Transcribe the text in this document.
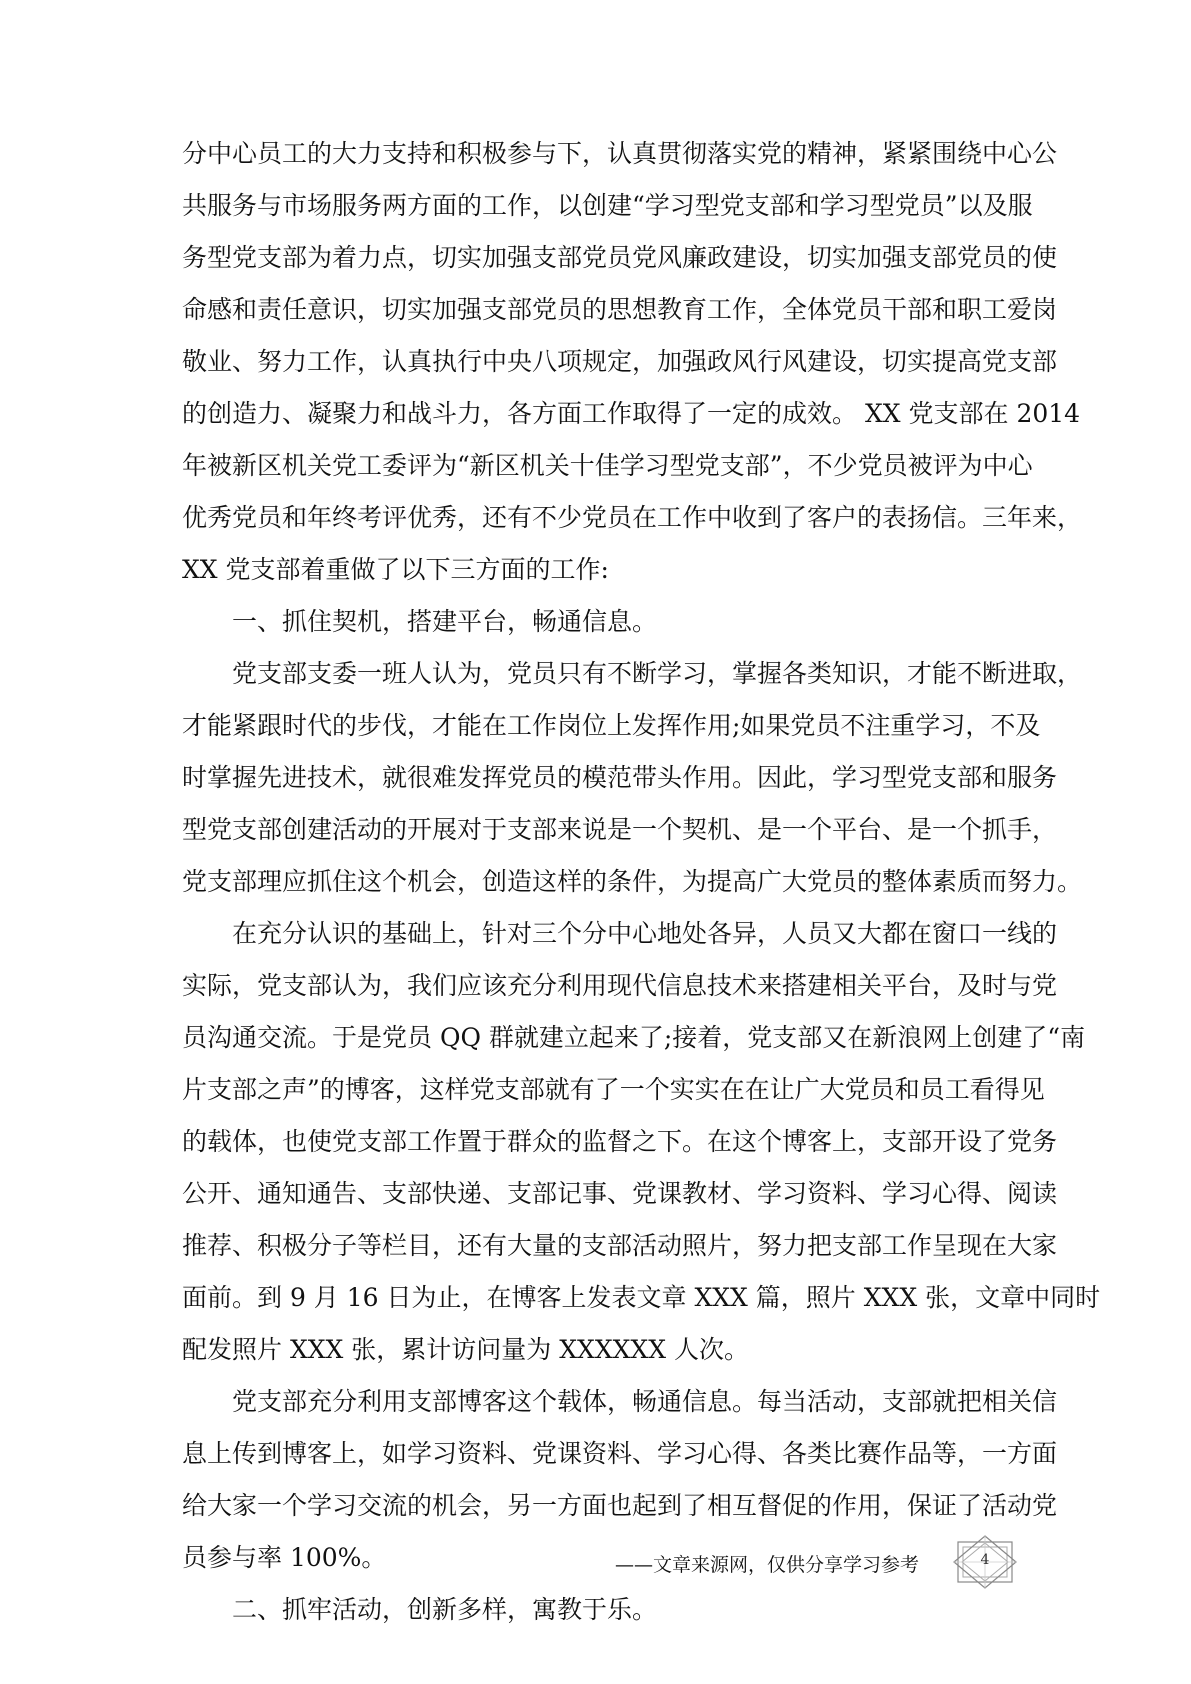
分中心员工的大力支持和积极参与下，认真贯彻落实党的精神，紧紧围绕中心公

共服务与市场服务两方面的工作，以创建“学习型党支部和学习型党员”以及服

务型党支部为着力点，切实加强支部党员党风廉政建设，切实加强支部党员的使

命感和责任意识，切实加强支部党员的思想教育工作，全体党员干部和职工爱岗

敬业、努力工作，认真执行中央八项规定，加强政风行风建设，切实提高党支部

的创造力、凝聚力和战斗力，各方面工作取得了一定的成效。 XX 党支部在 2014

年被新区机关党工委评为“新区机关十佳学习型党支部”，不少党员被评为中心

优秀党员和年终考评优秀，还有不少党员在工作中收到了客户的表扬信。三年来，

XX 党支部着重做了以下三方面的工作:

一、抓住契机，搭建平台，畅通信息。

党支部支委一班人认为，党员只有不断学习，掌握各类知识，才能不断进取，

才能紧跟时代的步伐，才能在工作岗位上发挥作用;如果党员不注重学习，不及

时掌握先进技术，就很难发挥党员的模范带头作用。因此，学习型党支部和服务

型党支部创建活动的开展对于支部来说是一个契机、是一个平台、是一个抓手，

党支部理应抓住这个机会，创造这样的条件，为提高广大党员的整体素质而努力。

在充分认识的基础上，针对三个分中心地处各异，人员又大都在窗口一线的

实际，党支部认为，我们应该充分利用现代信息技术来搭建相关平台，及时与党

员沟通交流。于是党员 QQ 群就建立起来了;接着，党支部又在新浪网上创建了“南

片支部之声”的博客，这样党支部就有了一个实实在在让广大党员和员工看得见

的载体，也使党支部工作置于群众的监督之下。在这个博客上，支部开设了党务

公开、通知通告、支部快递、支部记事、党课教材、学习资料、学习心得、阅读

推荐、积极分子等栏目，还有大量的支部活动照片，努力把支部工作呈现在大家

面前。到 9 月 16 日为止，在博客上发表文章 XXX 篇，照片 XXX 张，文章中同时

配发照片 XXX 张，累计访问量为 XXXXXX 人次。

党支部充分利用支部博客这个载体，畅通信息。每当活动，支部就把相关信

息上传到博客上，如学习资料、党课资料、学习心得、各类比赛作品等，一方面

给大家一个学习交流的机会，另一方面也起到了相互督促的作用，保证了活动党

员参与率 100%。

二、抓牢活动，创新多样，寓教于乐。

4
——文章来源网，仅供分享学习参考
